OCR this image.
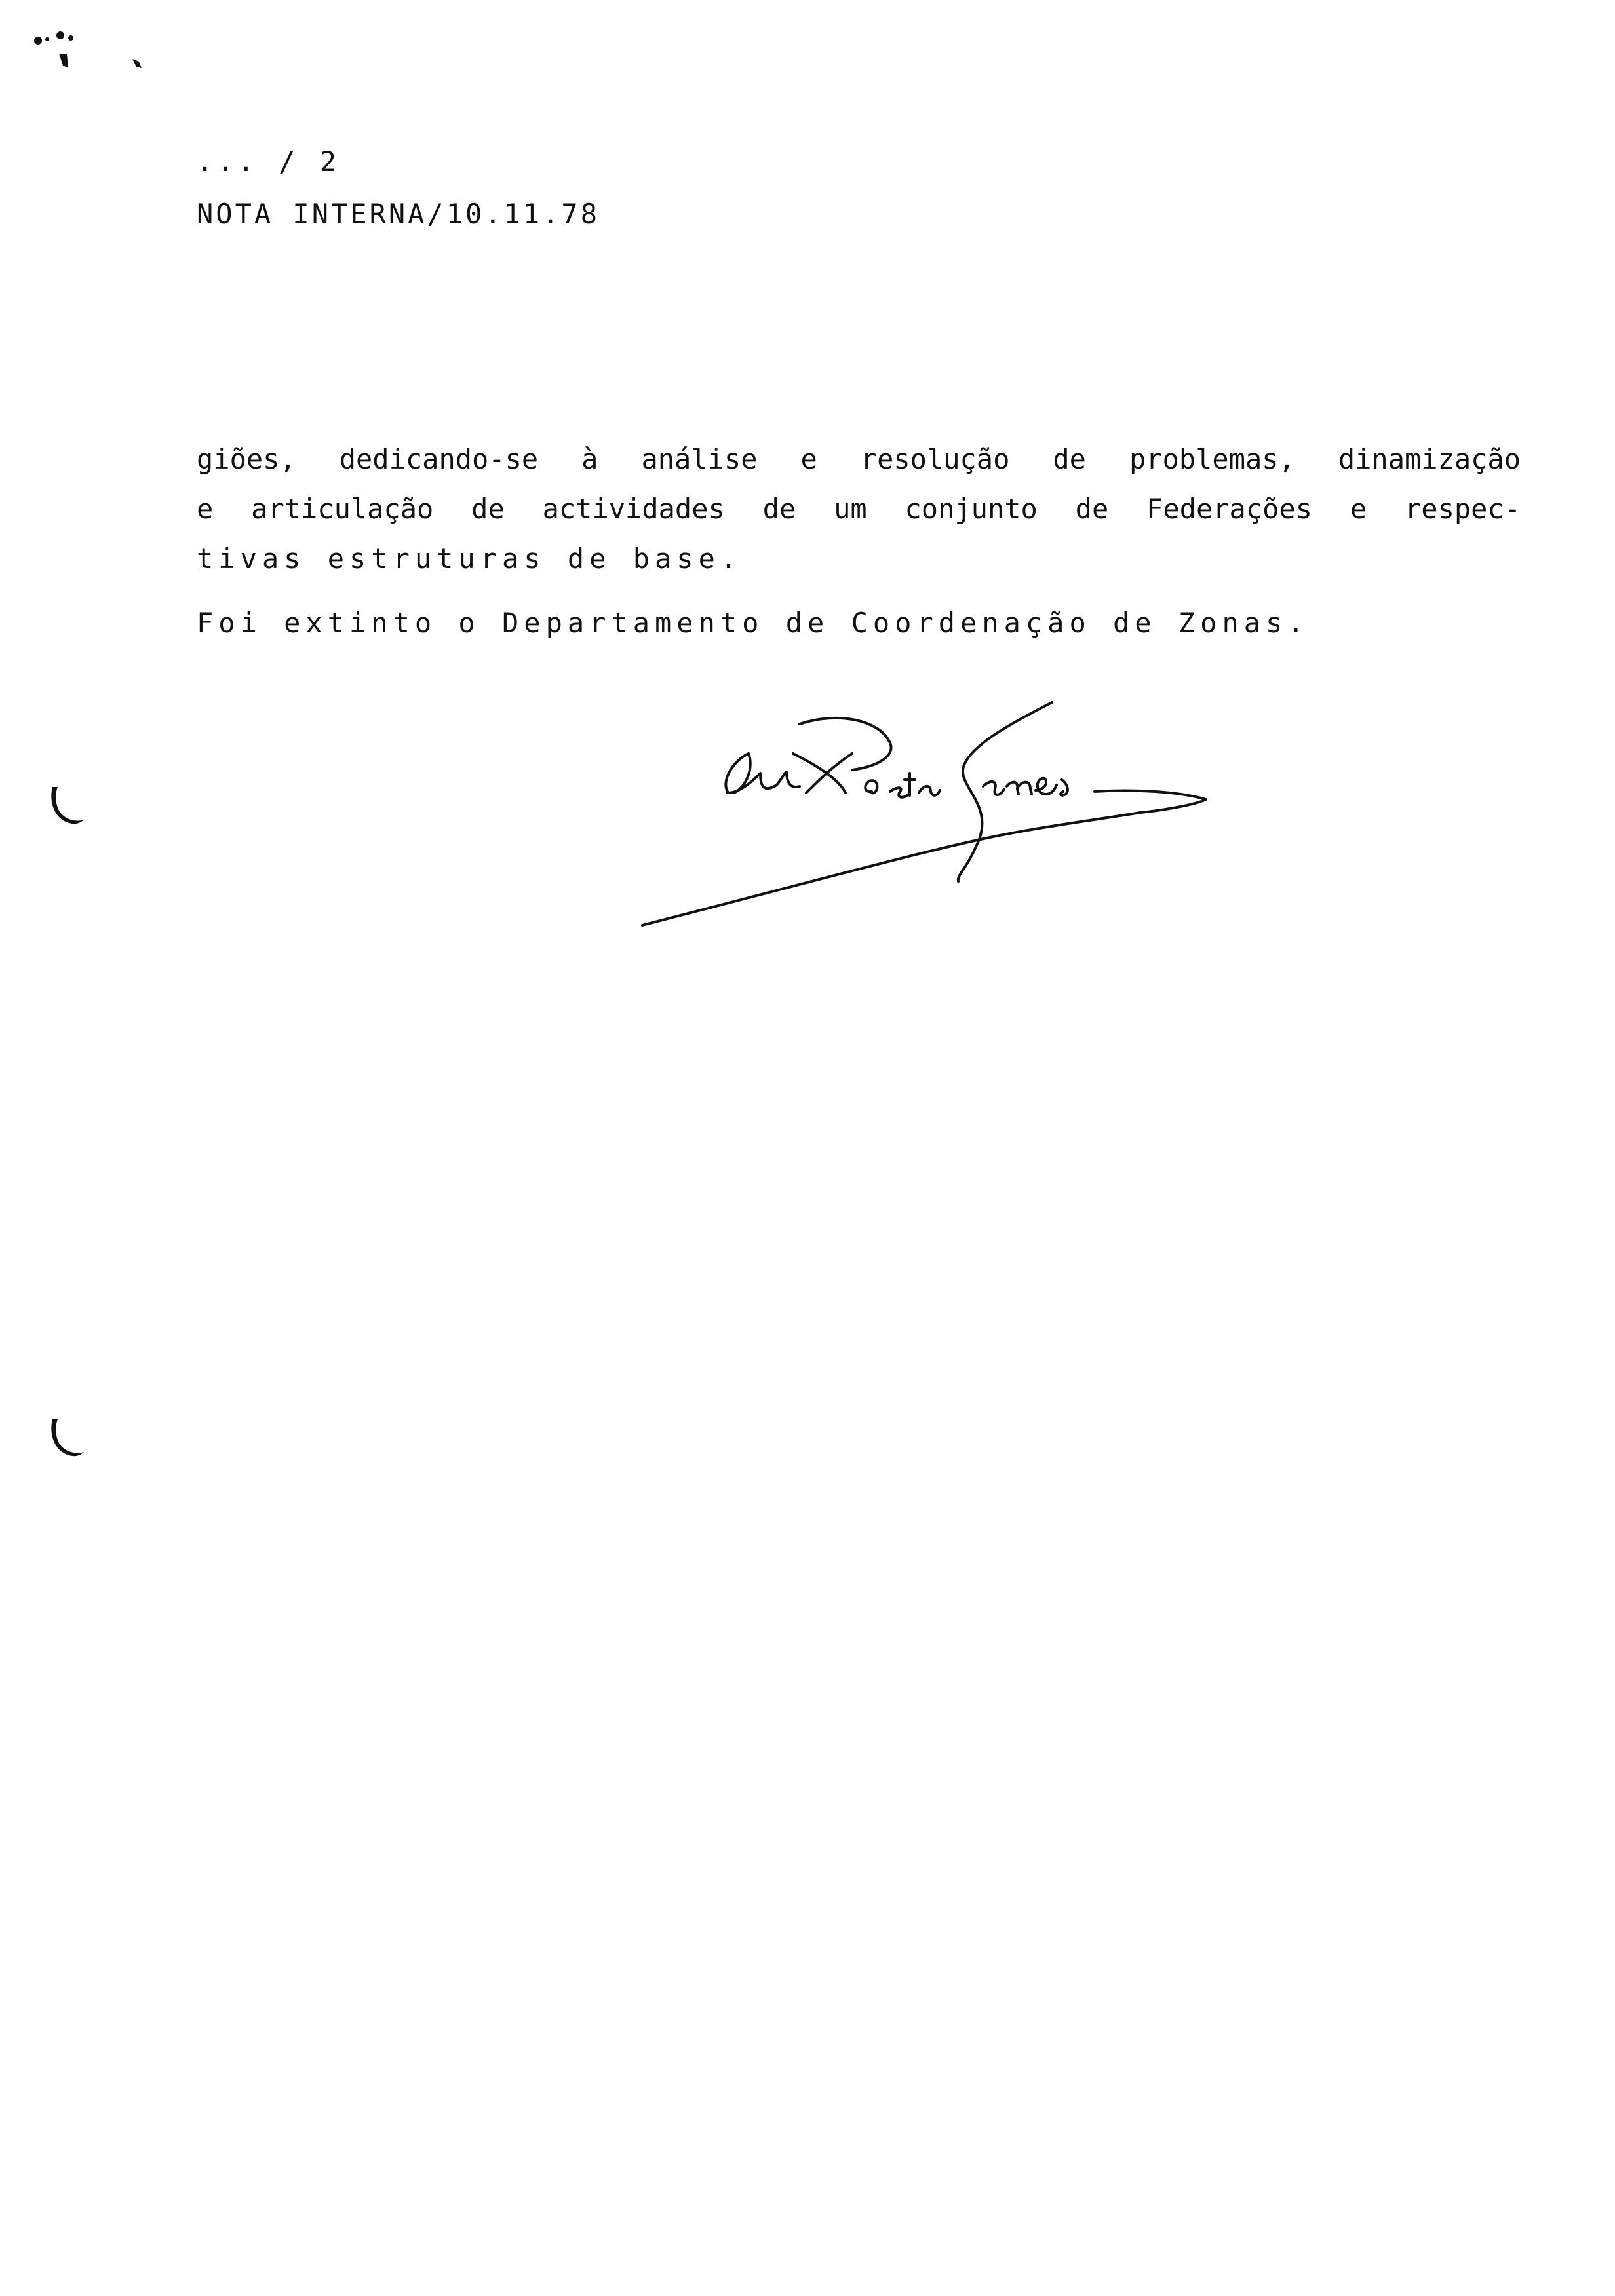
... / 2
NOTA INTERNA/10.11.78
giões, dedicando-se à análise e resolução de problemas, dinamização
e articulação de actividades de um conjunto de Federações e respec-
tivas estruturas de base.
Foi extinto o Departamento de Coordenação de Zonas.
